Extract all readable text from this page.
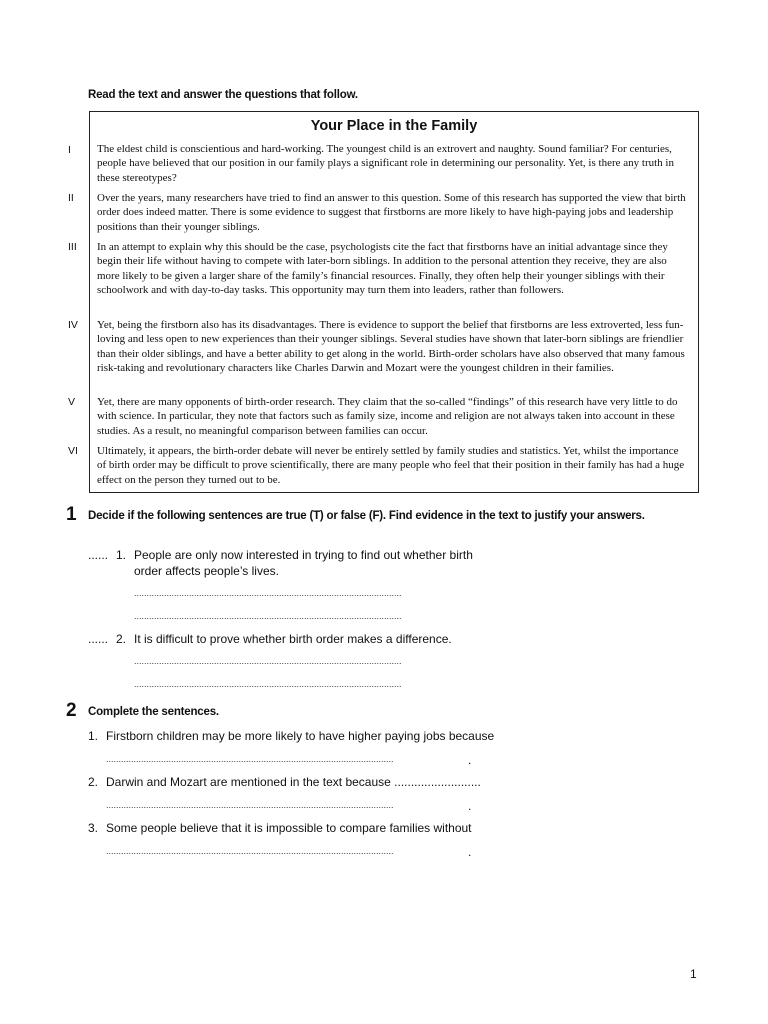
Read the text and answer the questions that follow.
Your Place in the Family
I
II
III
IV
V
VI
The eldest child is conscientious and hard-working. The youngest child is an extrovert and naughty. Sound familiar? For centuries, people have believed that our position in our family plays a significant role in determining our personality. Yet, is there any truth in these stereotypes?
Over the years, many researchers have tried to find an answer to this question. Some of this research has supported the view that birth order does indeed matter. There is some evidence to suggest that firstborns are more likely to have high-paying jobs and leadership positions than their younger siblings.
In an attempt to explain why this should be the case, psychologists cite the fact that firstborns have an initial advantage since they begin their life without having to compete with later-born siblings. In addition to the personal attention they receive, they are also more likely to be given a larger share of the family’s financial resources. Finally, they often help their younger siblings with their schoolwork and with day-to-day tasks. This opportunity may turn them into leaders, rather than followers.
Yet, being the firstborn also has its disadvantages. There is evidence to support the belief that firstborns are less extroverted, less fun-loving and less open to new experiences than their younger siblings. Several studies have shown that later-born siblings are friendlier than their older siblings, and have a better ability to get along in the world. Birth-order scholars have also observed that many famous risk-taking and revolutionary characters like Charles Darwin and Mozart were the youngest children in their families.
Yet, there are many opponents of birth-order research. They claim that the so-called “findings” of this research have very little to do with science. In particular, they note that factors such as family size, income and religion are not always taken into account in these studies. As a result, no meaningful comparison between families can occur.
Ultimately, it appears, the birth-order debate will never be entirely settled by family studies and statistics. Yet, whilst the importance of birth order may be difficult to prove scientifically, there are many people who feel that their position in their family has had a huge effect on the person they turned out to be.
1 Decide if the following sentences are true (T) or false (F). Find evidence in the text to justify your answers.
...... 1. People are only now interested in trying to find out whether birth
order affects people’s lives.
...........................................................................................................
...........................................................................................................
...... 2. It is difficult to prove whether birth order makes a difference.
...........................................................................................................
...........................................................................................................
2 Complete the sentences.
1. Firstborn children may be more likely to have higher paying jobs because
...................................................................................................................	.
2. Darwin and Mozart are mentioned in the text because ..........................
...................................................................................................................	.
3. Some people believe that it is impossible to compare families without
...................................................................................................................	.
1
